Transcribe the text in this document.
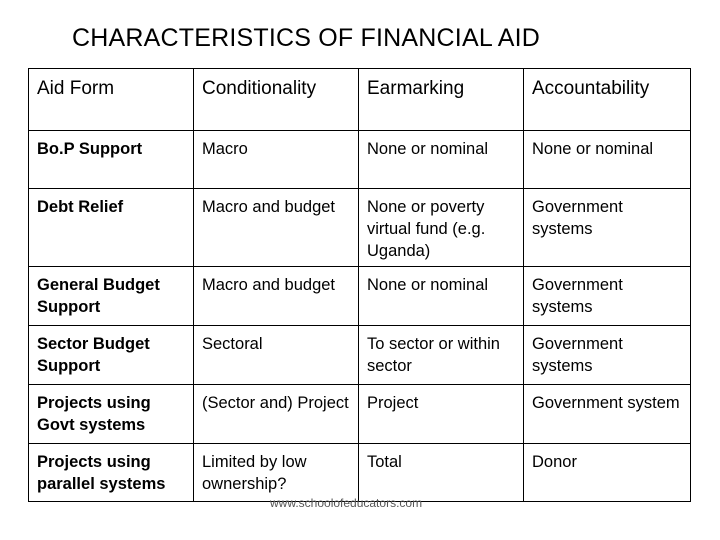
CHARACTERISTICS OF FINANCIAL AID
Aid Form	Conditionality	Earmarking	Accountability
Bo.P Support	Macro	None or nominal	None or nominal
Debt Relief	Macro and budget	None or poverty virtual fund (e.g. Uganda)	Government systems
General Budget Support	Macro and budget	None or nominal	Government systems
Sector Budget Support	Sectoral	To sector or within sector	Government systems
Projects using Govt systems	(Sector and) Project	Project	Government system
Projects using parallel systems	Limited by low ownership?	Total	Donor
www.schoolofeducators.com
